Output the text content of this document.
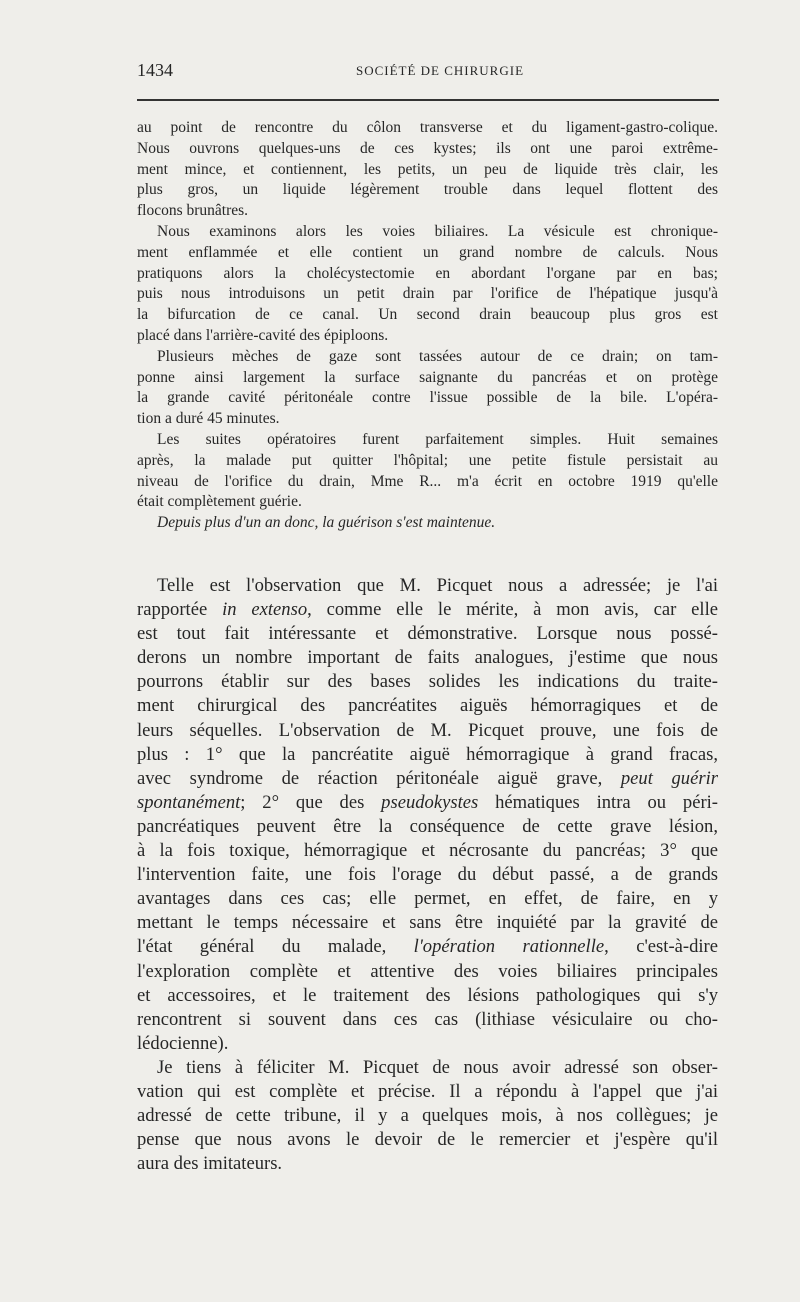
1434	SOCIÉTÉ DE CHIRURGIE
au point de rencontre du côlon transverse et du ligament-gastro-colique.
Nous ouvrons quelques-uns de ces kystes; ils ont une paroi extrême-
ment mince, et contiennent, les petits, un peu de liquide très clair, les
plus gros, un liquide légèrement trouble dans lequel flottent des
flocons brunâtres.
Nous examinons alors les voies biliaires. La vésicule est chronique-
ment enflammée et elle contient un grand nombre de calculs. Nous
pratiquons alors la cholécystectomie en abordant l'organe par en bas;
puis nous introduisons un petit drain par l'orifice de l'hépatique jusqu'à
la bifurcation de ce canal. Un second drain beaucoup plus gros est
placé dans l'arrière-cavité des épiploons.
Plusieurs mèches de gaze sont tassées autour de ce drain; on tam-
ponne ainsi largement la surface saignante du pancréas et on protège
la grande cavité péritonéale contre l'issue possible de la bile. L'opéra-
tion a duré 45 minutes.
Les suites opératoires furent parfaitement simples. Huit semaines
après, la malade put quitter l'hôpital; une petite fistule persistait au
niveau de l'orifice du drain, Mme R... m'a écrit en octobre 1919 qu'elle
était complètement guérie.
Depuis plus d'un an donc, la guérison s'est maintenue.
Telle est l'observation que M. Picquet nous a adressée; je l'ai
rapportée in extenso, comme elle le mérite, à mon avis, car elle
est tout fait intéressante et démonstrative. Lorsque nous possé-
derons un nombre important de faits analogues, j'estime que nous
pourrons établir sur des bases solides les indications du traite-
ment chirurgical des pancréatites aiguës hémorragiques et de
leurs séquelles. L'observation de M. Picquet prouve, une fois de
plus : 1° que la pancréatite aiguë hémorragique à grand fracas,
avec syndrome de réaction péritonéale aiguë grave, peut guérir
spontanément; 2° que des pseudokystes hématiques intra ou péri-
pancréatiques peuvent être la conséquence de cette grave lésion,
à la fois toxique, hémorragique et nécrosante du pancréas; 3° que
l'intervention faite, une fois l'orage du début passé, a de grands
avantages dans ces cas; elle permet, en effet, de faire, en y
mettant le temps nécessaire et sans être inquiété par la gravité de
l'état général du malade, l'opération rationnelle, c'est-à-dire
l'exploration complète et attentive des voies biliaires principales
et accessoires, et le traitement des lésions pathologiques qui s'y
rencontrent si souvent dans ces cas (lithiase vésiculaire ou cho-
lédocienne).
Je tiens à féliciter M. Picquet de nous avoir adressé son obser-
vation qui est complète et précise. Il a répondu à l'appel que j'ai
adressé de cette tribune, il y a quelques mois, à nos collègues; je
pense que nous avons le devoir de le remercier et j'espère qu'il
aura des imitateurs.
